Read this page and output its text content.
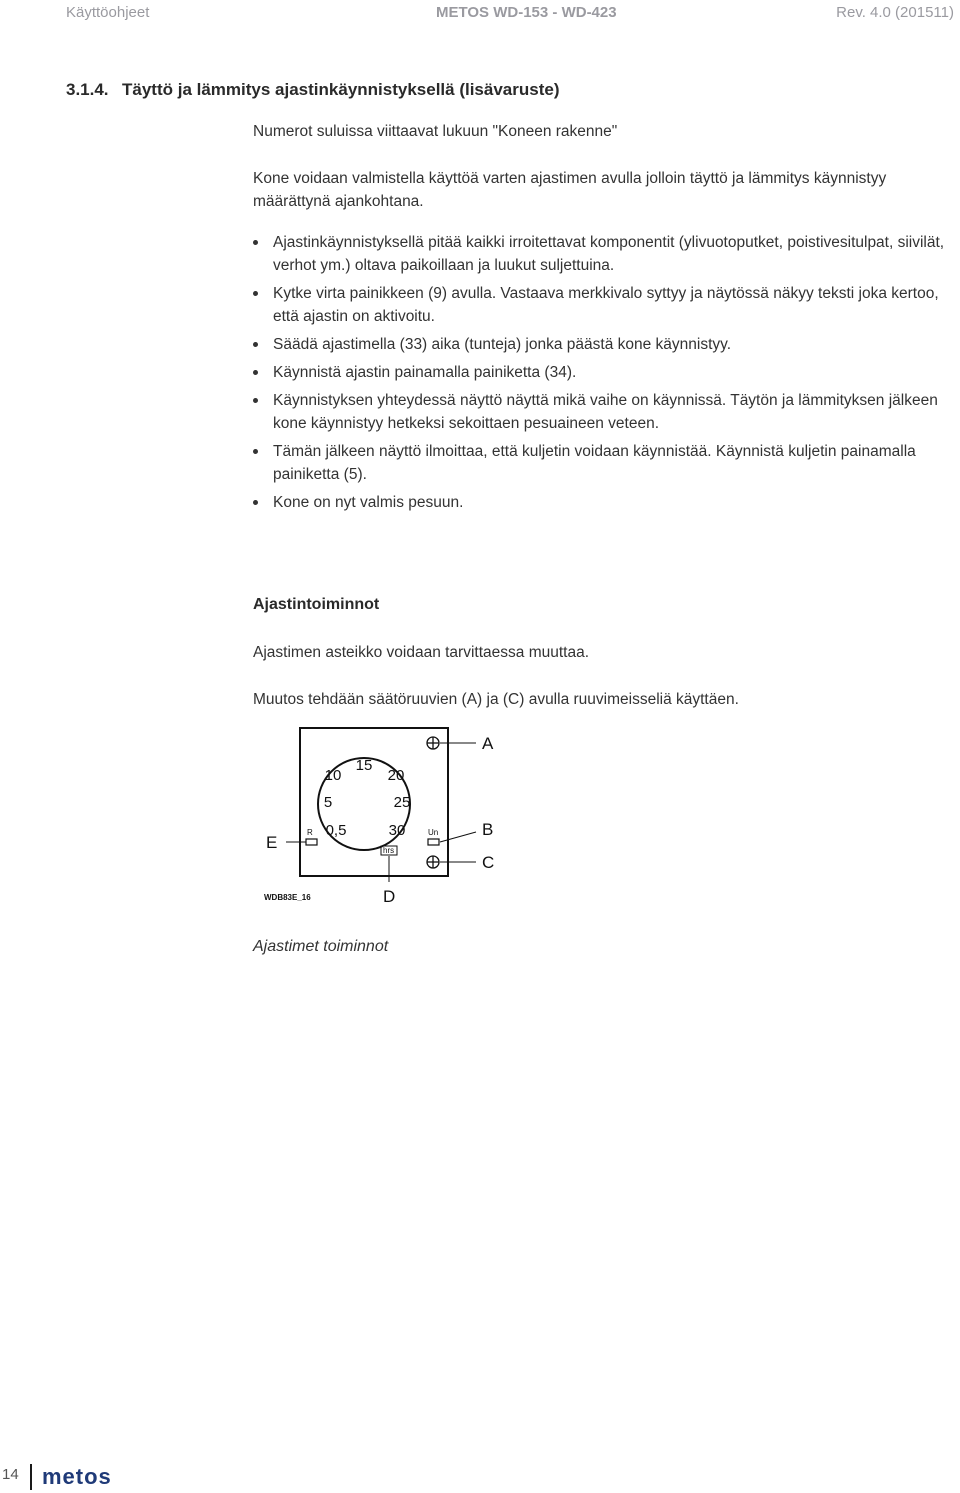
Käyttöohjeet	METOS WD-153 - WD-423	Rev. 4.0 (201511)
3.1.4. Täyttö ja lämmitys ajastinkäynnistyksellä (lisävaruste)

Numerot suluissa viittaavat lukuun "Koneen rakenne"

Kone voidaan valmistella käyttöä varten ajastimen avulla jolloin täyttö ja lämmitys käynnistyy määrättynä ajankohtana.

Ajastinkäynnistyksellä pitää kaikki irroitettavat komponentit (ylivuotoputket, poistivesitulpat, siivilät, verhot ym.) oltava paikoillaan ja luukut suljettuina.
Kytke virta painikkeen (9) avulla. Vastaava merkkivalo syttyy ja näytössä näkyy teksti joka kertoo, että ajastin on aktivoitu.
Säädä ajastimella (33) aika (tunteja) jonka päästä kone käynnistyy.
Käynnistä ajastin painamalla painiketta (34).
Käynnistyksen yhteydessä näyttö näyttä mikä vaihe on käynnissä. Täytön ja lämmityksen jälkeen kone käynnistyy hetkeksi sekoittaen pesuaineen veteen.
Tämän jälkeen näyttö ilmoittaa, että kuljetin voidaan käynnistää. Käynnistä kuljetin painamalla painiketta (5).
Kone on nyt valmis pesuun.
Ajastintoiminnot

Ajastimen asteikko voidaan tarvittaessa muuttaa.

Muutos tehdään säätöruuvien (A) ja (C) avulla ruuvimeisseliä käyttäen.

15
10	20
5	25
0,5	30
R	Un
hrs
A
B
C
D
E
WDB83E_16
Ajastimet toiminnot
14 metos
